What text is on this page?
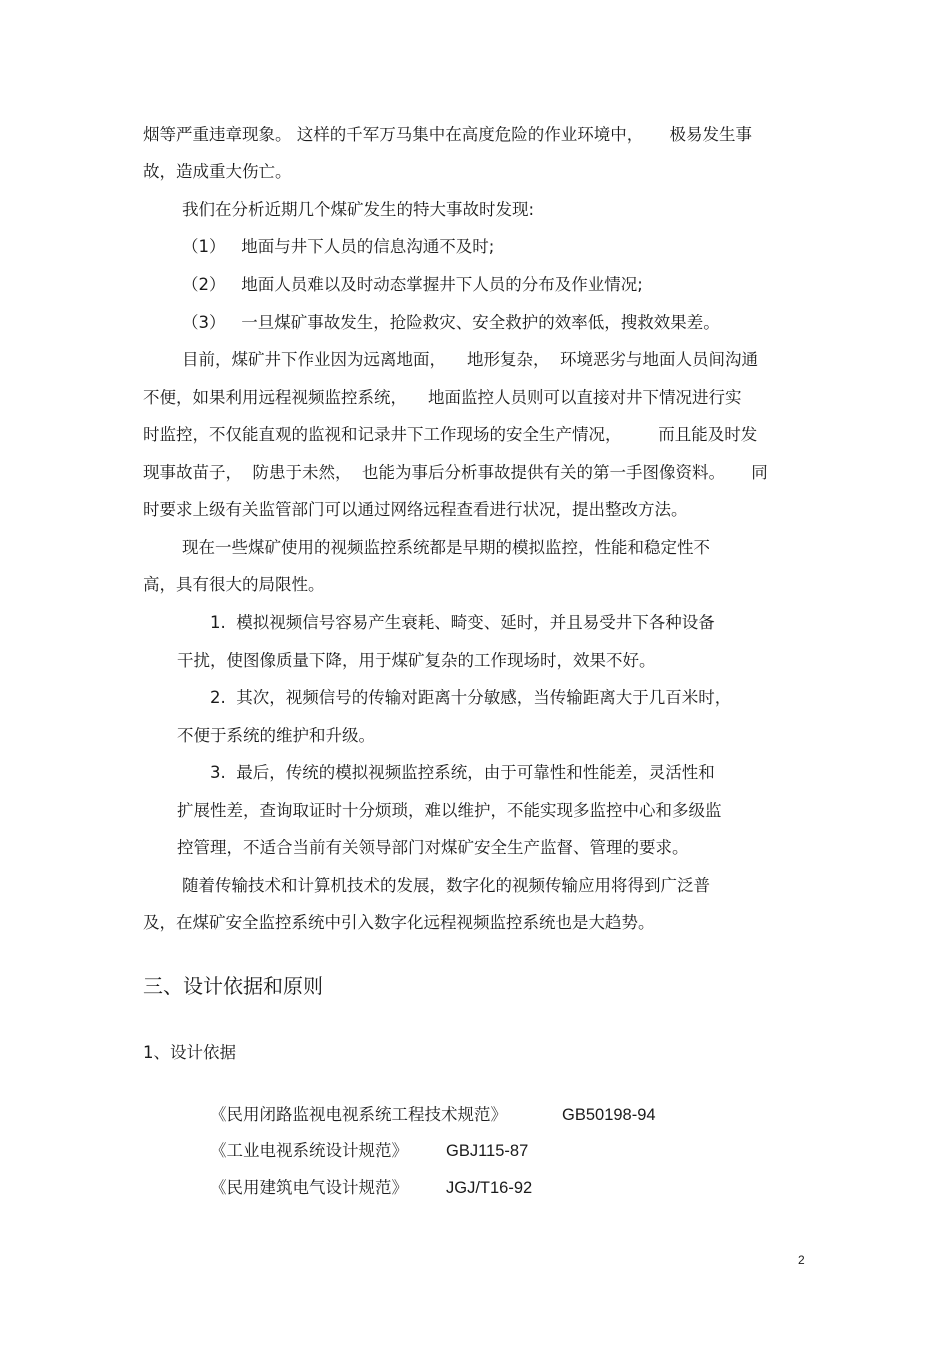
烟等严重违章现象。 这样的千军万马集中在高度危险的作业环境中，     极易发生事

故，造成重大伤亡。

我们在分析近期几个煤矿发生的特大事故时发现:

（1）   地面与井下人员的信息沟通不及时;

（2）   地面人员难以及时动态掌握井下人员的分布及作业情况;

（3）   一旦煤矿事故发生，抢险救灾、安全救护的效率低，搜救效果差。

目前，煤矿井下作业因为远离地面，    地形复杂，  环境恶劣与地面人员间沟通

不便，如果利用远程视频监控系统，    地面监控人员则可以直接对井下情况进行实

时监控，不仅能直观的监视和记录井下工作现场的安全生产情况，       而且能及时发

现事故苗子，  防患于未然，  也能为事后分析事故提供有关的第一手图像资料。     同

时要求上级有关监管部门可以通过网络远程查看进行状况，提出整改方法。

现在一些煤矿使用的视频监控系统都是早期的模拟监控，性能和稳定性不

高，具有很大的局限性。

1.  模拟视频信号容易产生衰耗、畸变、延时，并且易受井下各种设备

干扰，使图像质量下降，用于煤矿复杂的工作现场时，效果不好。

2.  其次，视频信号的传输对距离十分敏感，当传输距离大于几百米时，

不便于系统的维护和升级。

3.  最后，传统的模拟视频监控系统，由于可靠性和性能差，灵活性和

扩展性差，查询取证时十分烦琐，难以维护，不能实现多监控中心和多级监

控管理，不适合当前有关领导部门对煤矿安全生产监督、管理的要求。

随着传输技术和计算机技术的发展，数字化的视频传输应用将得到广泛普

及，在煤矿安全监控系统中引入数字化远程视频监控系统也是大趋势。

三、设计依据和原则

1、设计依据

《民用闭路监视电视系统工程技术规范》	GB50198-94

《工业电视系统设计规范》 GBJ115-87

《民用建筑电气设计规范》 JGJ/T16-92

2
